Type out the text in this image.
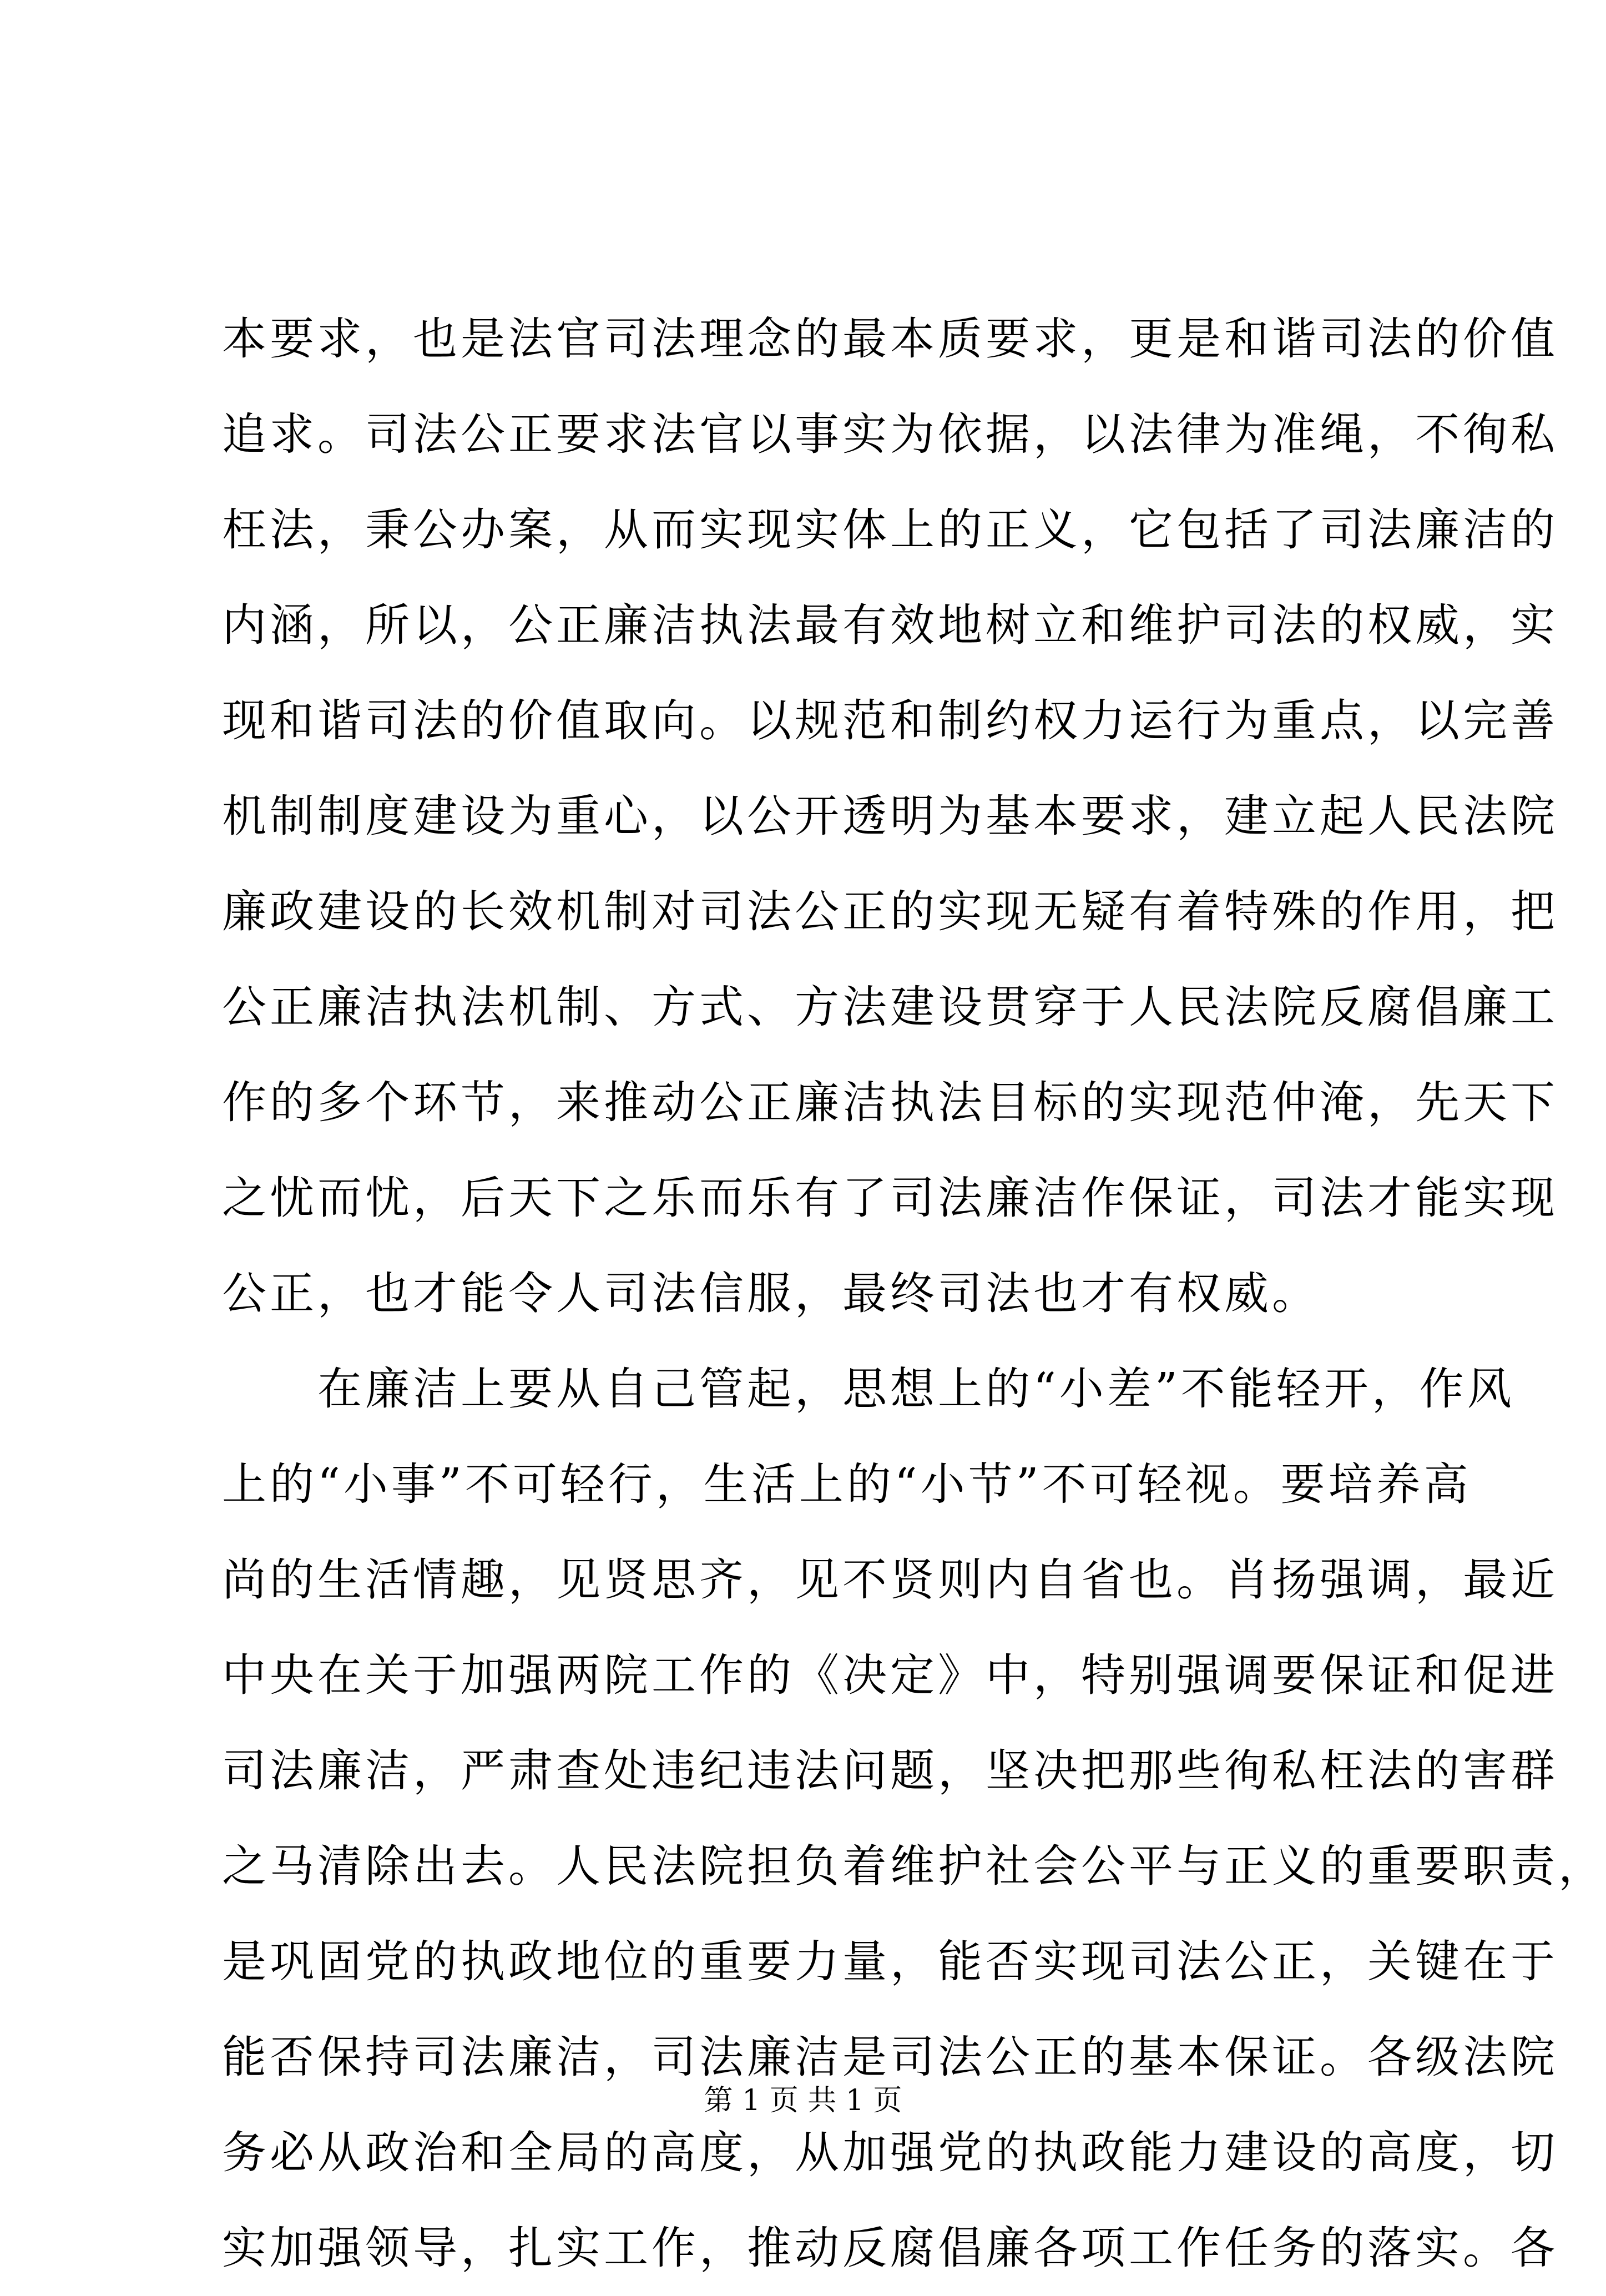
本要求，也是法官司法理念的最本质要求，更是和谐司法的价值
追求。司法公正要求法官以事实为依据，以法律为准绳，不徇私
枉法，秉公办案，从而实现实体上的正义，它包括了司法廉洁的
内涵，所以，公正廉洁执法最有效地树立和维护司法的权威，实
现和谐司法的价值取向。以规范和制约权力运行为重点，以完善
机制制度建设为重心，以公开透明为基本要求，建立起人民法院
廉政建设的长效机制对司法公正的实现无疑有着特殊的作用，把
公正廉洁执法机制、方式、方法建设贯穿于人民法院反腐倡廉工
作的多个环节，来推动公正廉洁执法目标的实现范仲淹，先天下
之忧而忧，后天下之乐而乐有了司法廉洁作保证，司法才能实现
公正，也才能令人司法信服，最终司法也才有权威。
在廉洁上要从自己管起，思想上的“小差”不能轻开，作风
上的“小事”不可轻行，生活上的“小节”不可轻视。要培养高
尚的生活情趣，见贤思齐，见不贤则内自省也。肖扬强调，最近
中央在关于加强两院工作的《决定》中，特别强调要保证和促进
司法廉洁，严肃查处违纪违法问题，坚决把那些徇私枉法的害群
之马清除出去。人民法院担负着维护社会公平与正义的重要职责，
是巩固党的执政地位的重要力量，能否实现司法公正，关键在于
能否保持司法廉洁，司法廉洁是司法公正的基本保证。各级法院
务必从政治和全局的高度，从加强党的执政能力建设的高度，切
实加强领导，扎实工作，推动反腐倡廉各项工作任务的落实。各
第 1 页 共 1 页
